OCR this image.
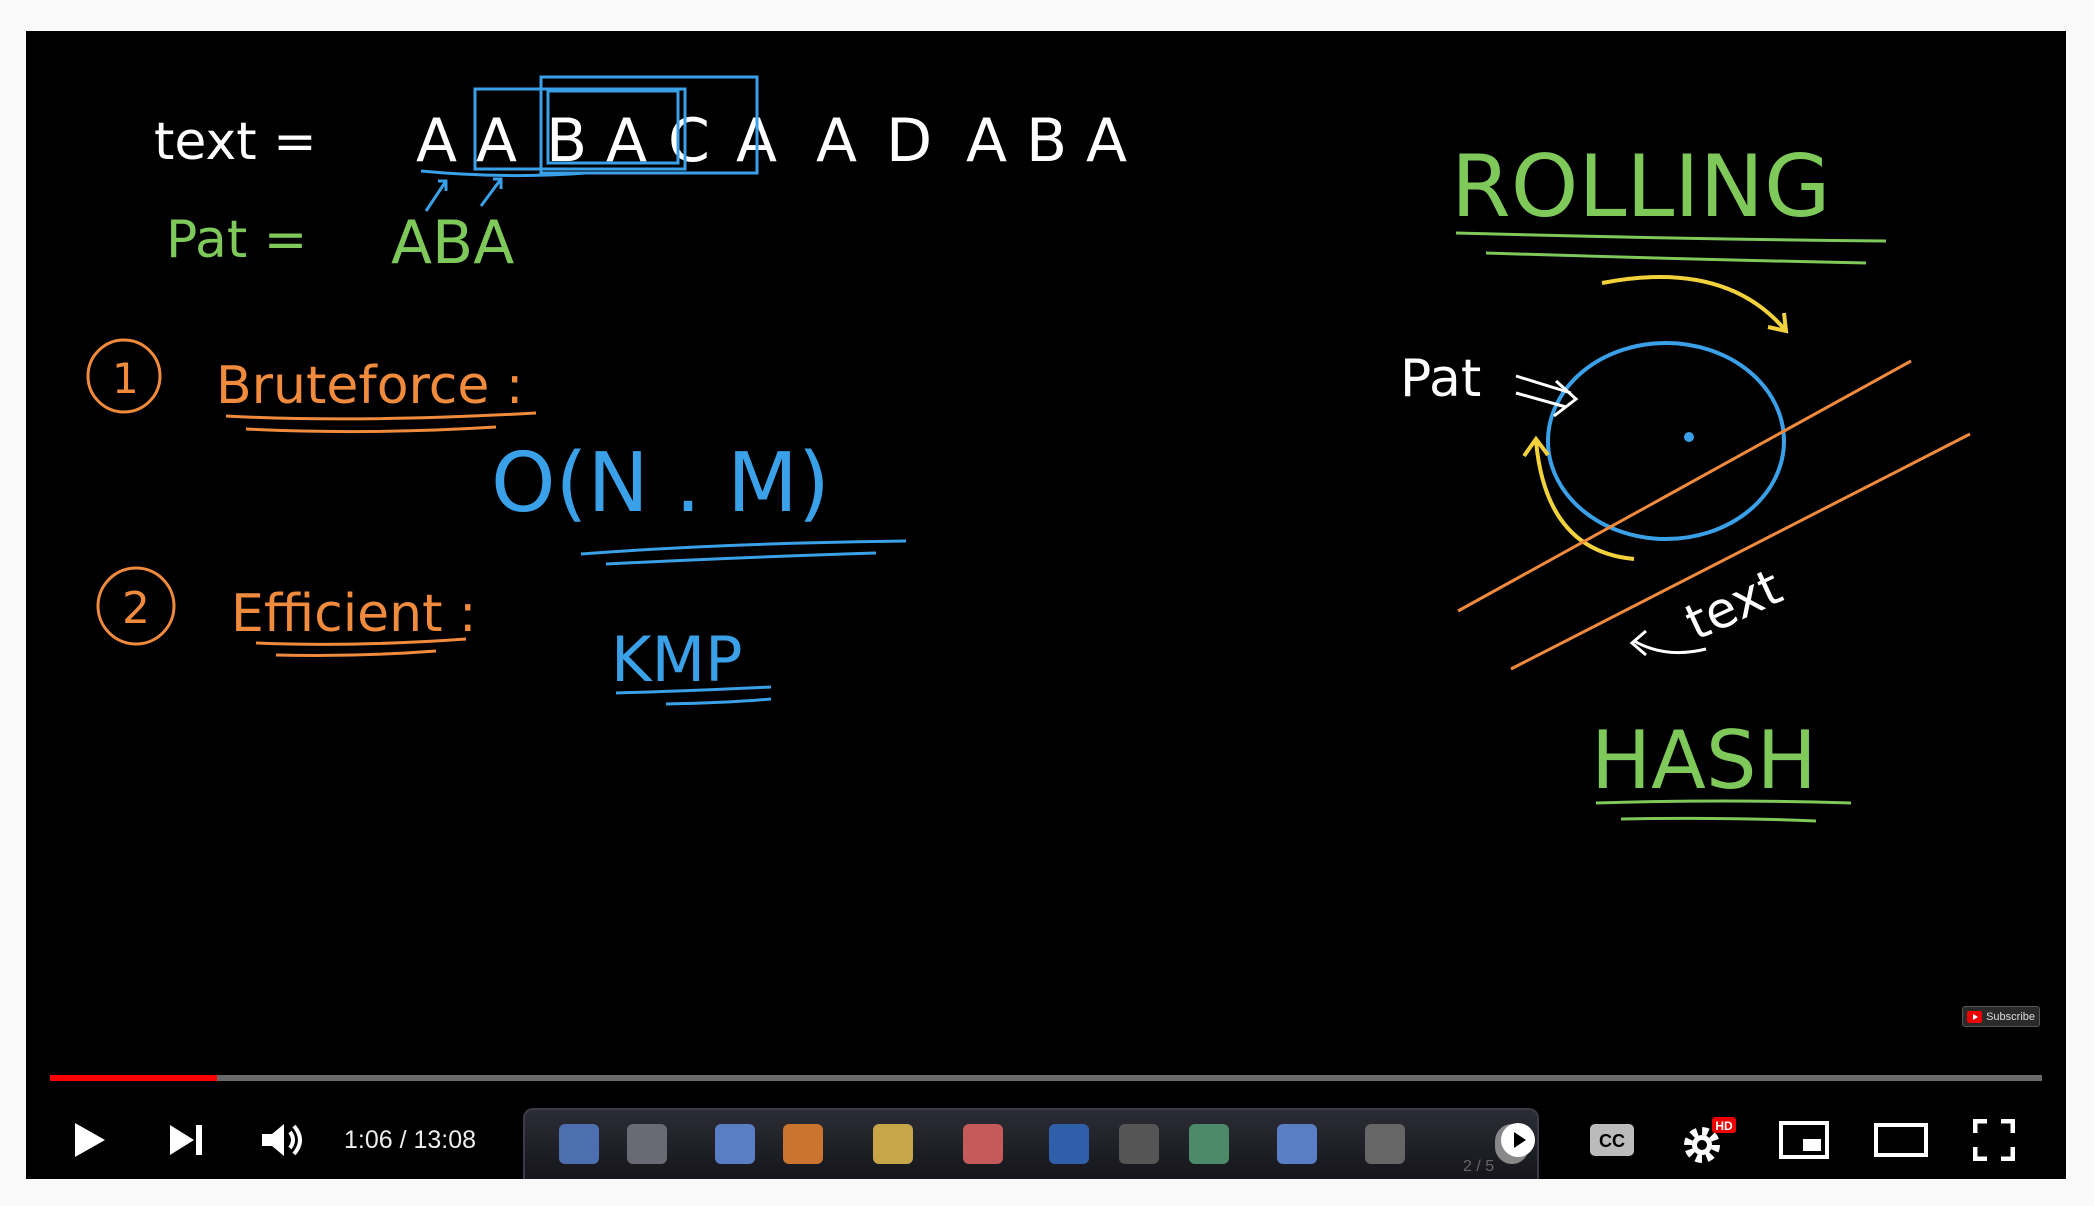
text = A A B A C A A D A B A
Pat = ABA
1 Bruteforce :
O(N . M)
2 Efficient :
KMP
ROLLING
Pat
text
HASH
Subscribe
2 / 5
1:06 / 13:08	CC
HD
